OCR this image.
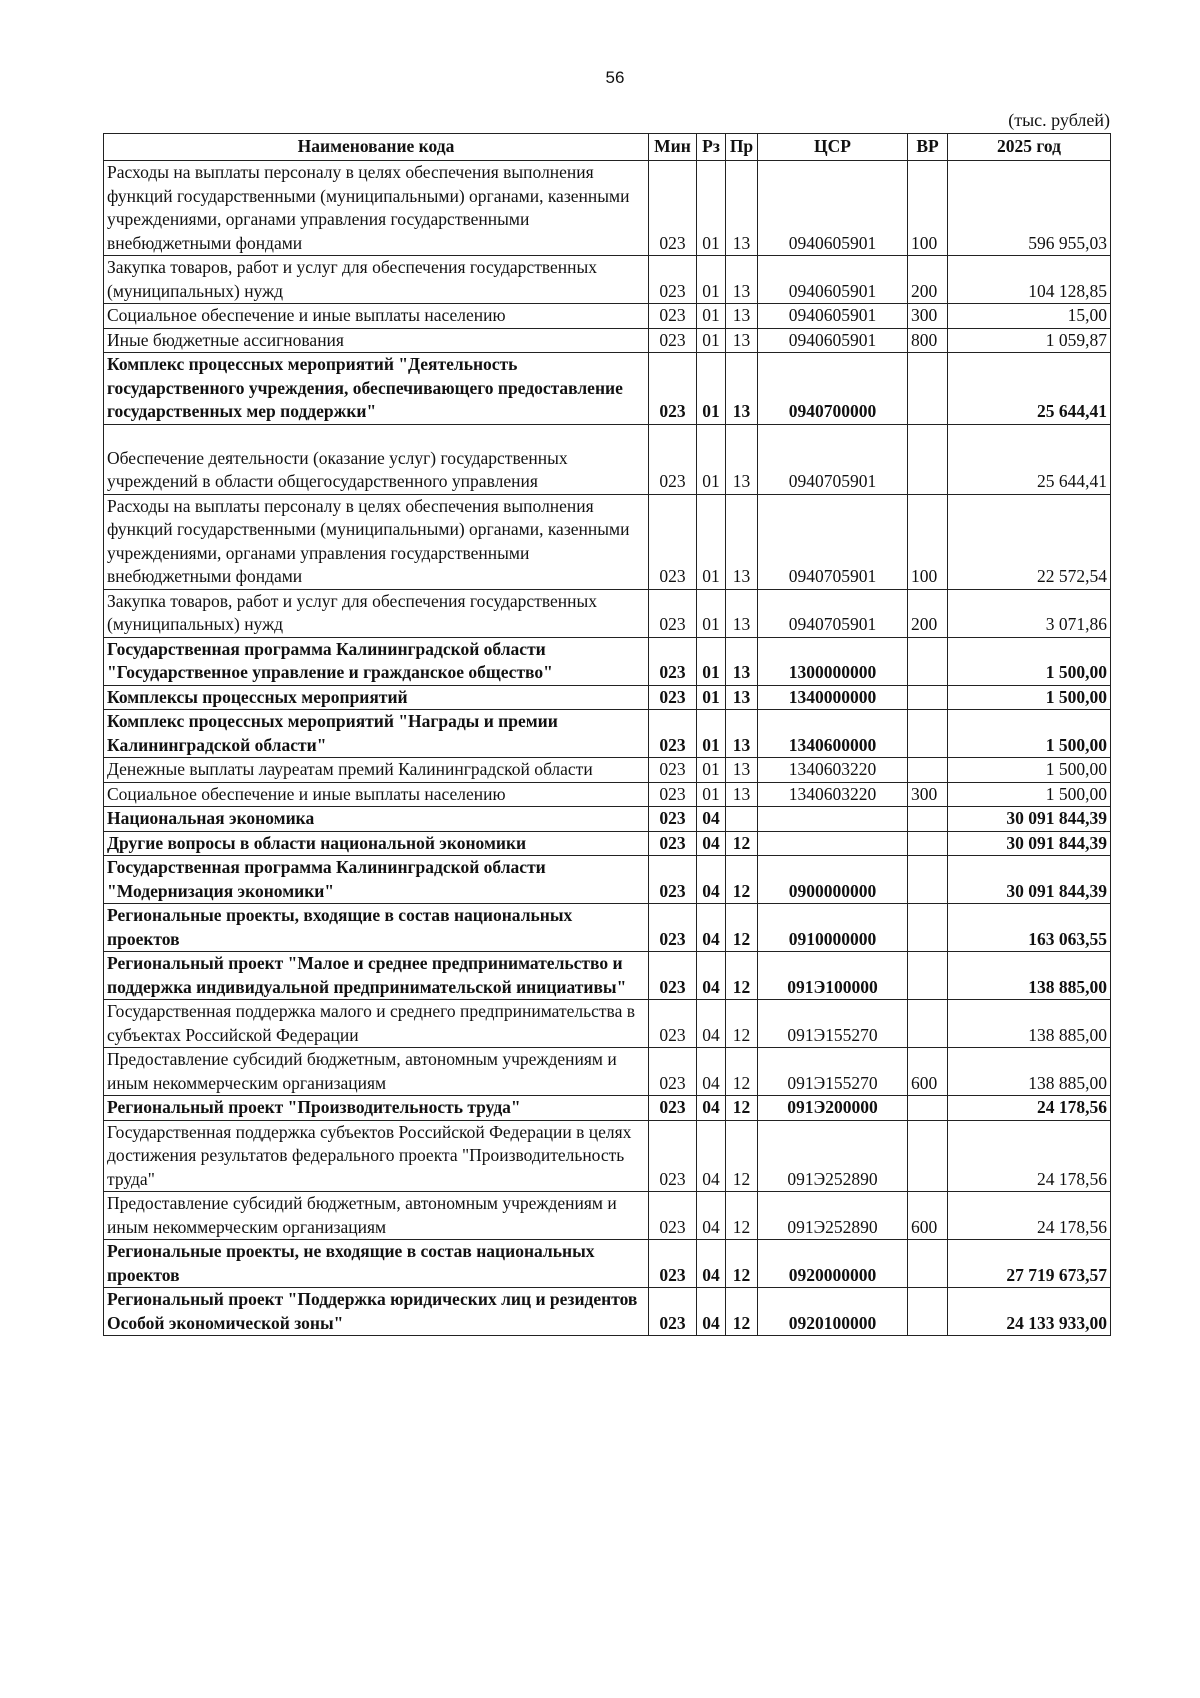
56
(тыс. рублей)
Наименование кода	Мин	Рз	Пр	ЦСР	ВР	2025 год
Расходы на выплаты персоналу в целях обеспечения выполнения функций государственными (муниципальными) органами, казенными учреждениями, органами управления государственными внебюджетными фондами	023	01	13	0940605901	100	596 955,03
Закупка товаров, работ и услуг для обеспечения государственных (муниципальных) нужд	023	01	13	0940605901	200	104 128,85
Социальное обеспечение и иные выплаты населению	023	01	13	0940605901	300	15,00
Иные бюджетные ассигнования	023	01	13	0940605901	800	1 059,87
Комплекс процессных мероприятий "Деятельность государственного учреждения, обеспечивающего предоставление государственных мер поддержки"	023	01	13	0940700000		25 644,41
Обеспечение деятельности (оказание услуг) государственных учреждений в области общегосударственного управления	023	01	13	0940705901		25 644,41
Расходы на выплаты персоналу в целях обеспечения выполнения функций государственными (муниципальными) органами, казенными учреждениями, органами управления государственными внебюджетными фондами	023	01	13	0940705901	100	22 572,54
Закупка товаров, работ и услуг для обеспечения государственных (муниципальных) нужд	023	01	13	0940705901	200	3 071,86
Государственная программа Калининградской области "Государственное управление и гражданское общество"	023	01	13	1300000000		1 500,00
Комплексы процессных мероприятий	023	01	13	1340000000		1 500,00
Комплекс процессных мероприятий "Награды и премии Калининградской области"	023	01	13	1340600000		1 500,00
Денежные выплаты лауреатам премий Калининградской области	023	01	13	1340603220		1 500,00
Социальное обеспечение и иные выплаты населению	023	01	13	1340603220	300	1 500,00
Национальная экономика	023	04				30 091 844,39
Другие вопросы в области национальной экономики	023	04	12			30 091 844,39
Государственная программа Калининградской области "Модернизация экономики"	023	04	12	0900000000		30 091 844,39
Региональные проекты, входящие в состав национальных проектов	023	04	12	0910000000		163 063,55
Региональный проект "Малое и среднее предпринимательство и поддержка индивидуальной предпринимательской инициативы"	023	04	12	091Э100000		138 885,00
Государственная поддержка малого и среднего предпринимательства в субъектах Российской Федерации	023	04	12	091Э155270		138 885,00
Предоставление субсидий бюджетным, автономным учреждениям и иным некоммерческим организациям	023	04	12	091Э155270	600	138 885,00
Региональный проект "Производительность труда"	023	04	12	091Э200000		24 178,56
Государственная поддержка субъектов Российской Федерации в целях достижения результатов федерального проекта "Производительность труда"	023	04	12	091Э252890		24 178,56
Предоставление субсидий бюджетным, автономным учреждениям и иным некоммерческим организациям	023	04	12	091Э252890	600	24 178,56
Региональные проекты, не входящие в состав национальных проектов	023	04	12	0920000000		27 719 673,57
Региональный проект "Поддержка юридических лиц и резидентов Особой экономической зоны"	023	04	12	0920100000		24 133 933,00
